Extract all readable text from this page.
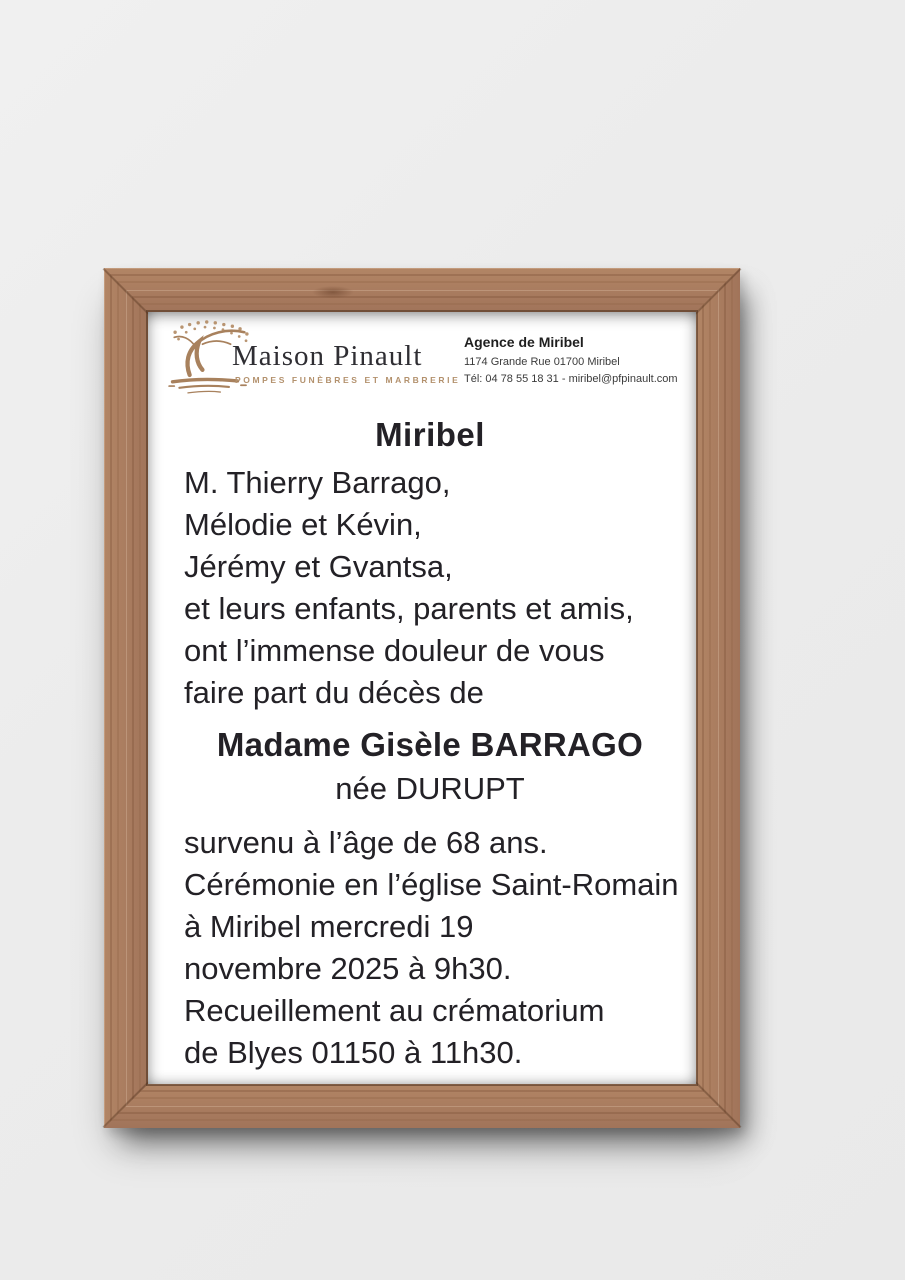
Maison Pinault
POMPES FUNÈBRES ET MARBRERIE
Agence de Miribel
1174 Grande Rue 01700 Miribel
Tél: 04 78 55 18 31 - miribel@pfpinault.com
Miribel

M. Thierry Barrago,

Mélodie et Kévin,

Jérémy et Gvantsa,

et leurs enfants, parents et amis,

ont l’immense douleur de vous

faire part du décès de

Madame Gisèle BARRAGO

née DURUPT

survenu à l’âge de 68 ans.

Cérémonie en l’église Saint-Romain

à Miribel mercredi 19

novembre 2025 à 9h30.

Recueillement au crématorium

de Blyes 01150 à 11h30.
